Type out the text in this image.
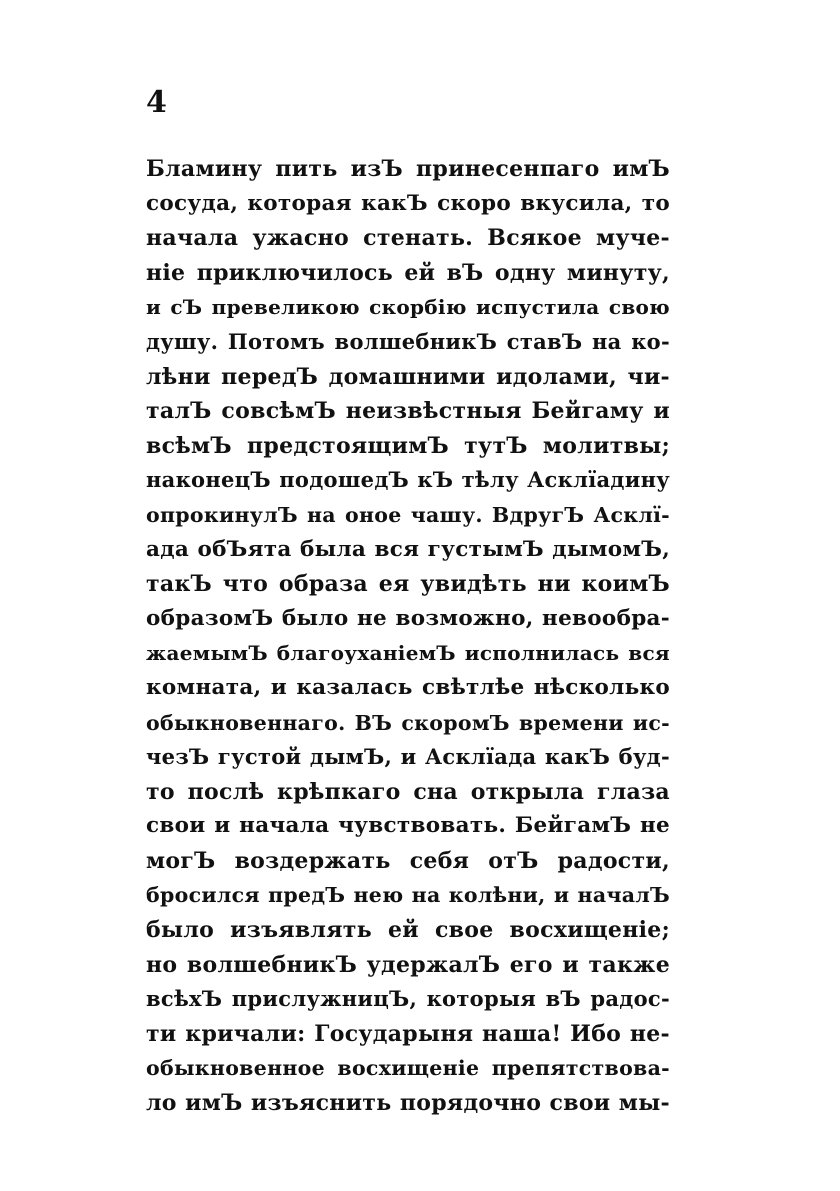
4
Бламину пить изЪ принесенпаго имЪ
сосуда, которая какЪ скоро вкусила, то
начала ужасно стенать. Всякое муче-
ніе приключилось ей вЪ одну минуту,
и сЪ превеликою скорбію испустила свою
душу. Потомъ волшебникЪ ставЪ на ко-
лѣни передЪ домашними идолами, чи-
талЪ совсѣмЪ неизвѣстныя Бейгаму и
всѣмЪ предстоящимЪ тутЪ молитвы;
наконецЪ подошедЪ кЪ тѣлу Асклїадину
опрокинулЪ на оное чашу. ВдругЪ Асклї-
ада обЪята была вся густымЪ дымомЪ,
такЪ что образа ея увидѣть ни коимЪ
образомЪ было не возможно, невообра-
жаемымЪ благоуханіемЪ исполнилась вся
комната, и казалась свѣтлѣе нѣсколько
обыкновеннаго. ВЪ скоромЪ времени ис-
чезЪ густой дымЪ, и Асклїада какЪ буд-
то послѣ крѣпкаго сна открыла глаза
свои и начала чувствовать. БейгамЪ не
могЪ воздержать себя отЪ радости,
бросился предЪ нею на колѣни, и началЪ
было изъявлять ей свое восхищеніе;
но волшебникЪ удержалЪ его и также
всѣхЪ прислужницЪ, которыя вЪ радос-
ти кричали: Государыня наша! Ибо не-
обыкновенное восхищеніе препятствова-
ло имЪ изъяснить порядочно свои мы-
